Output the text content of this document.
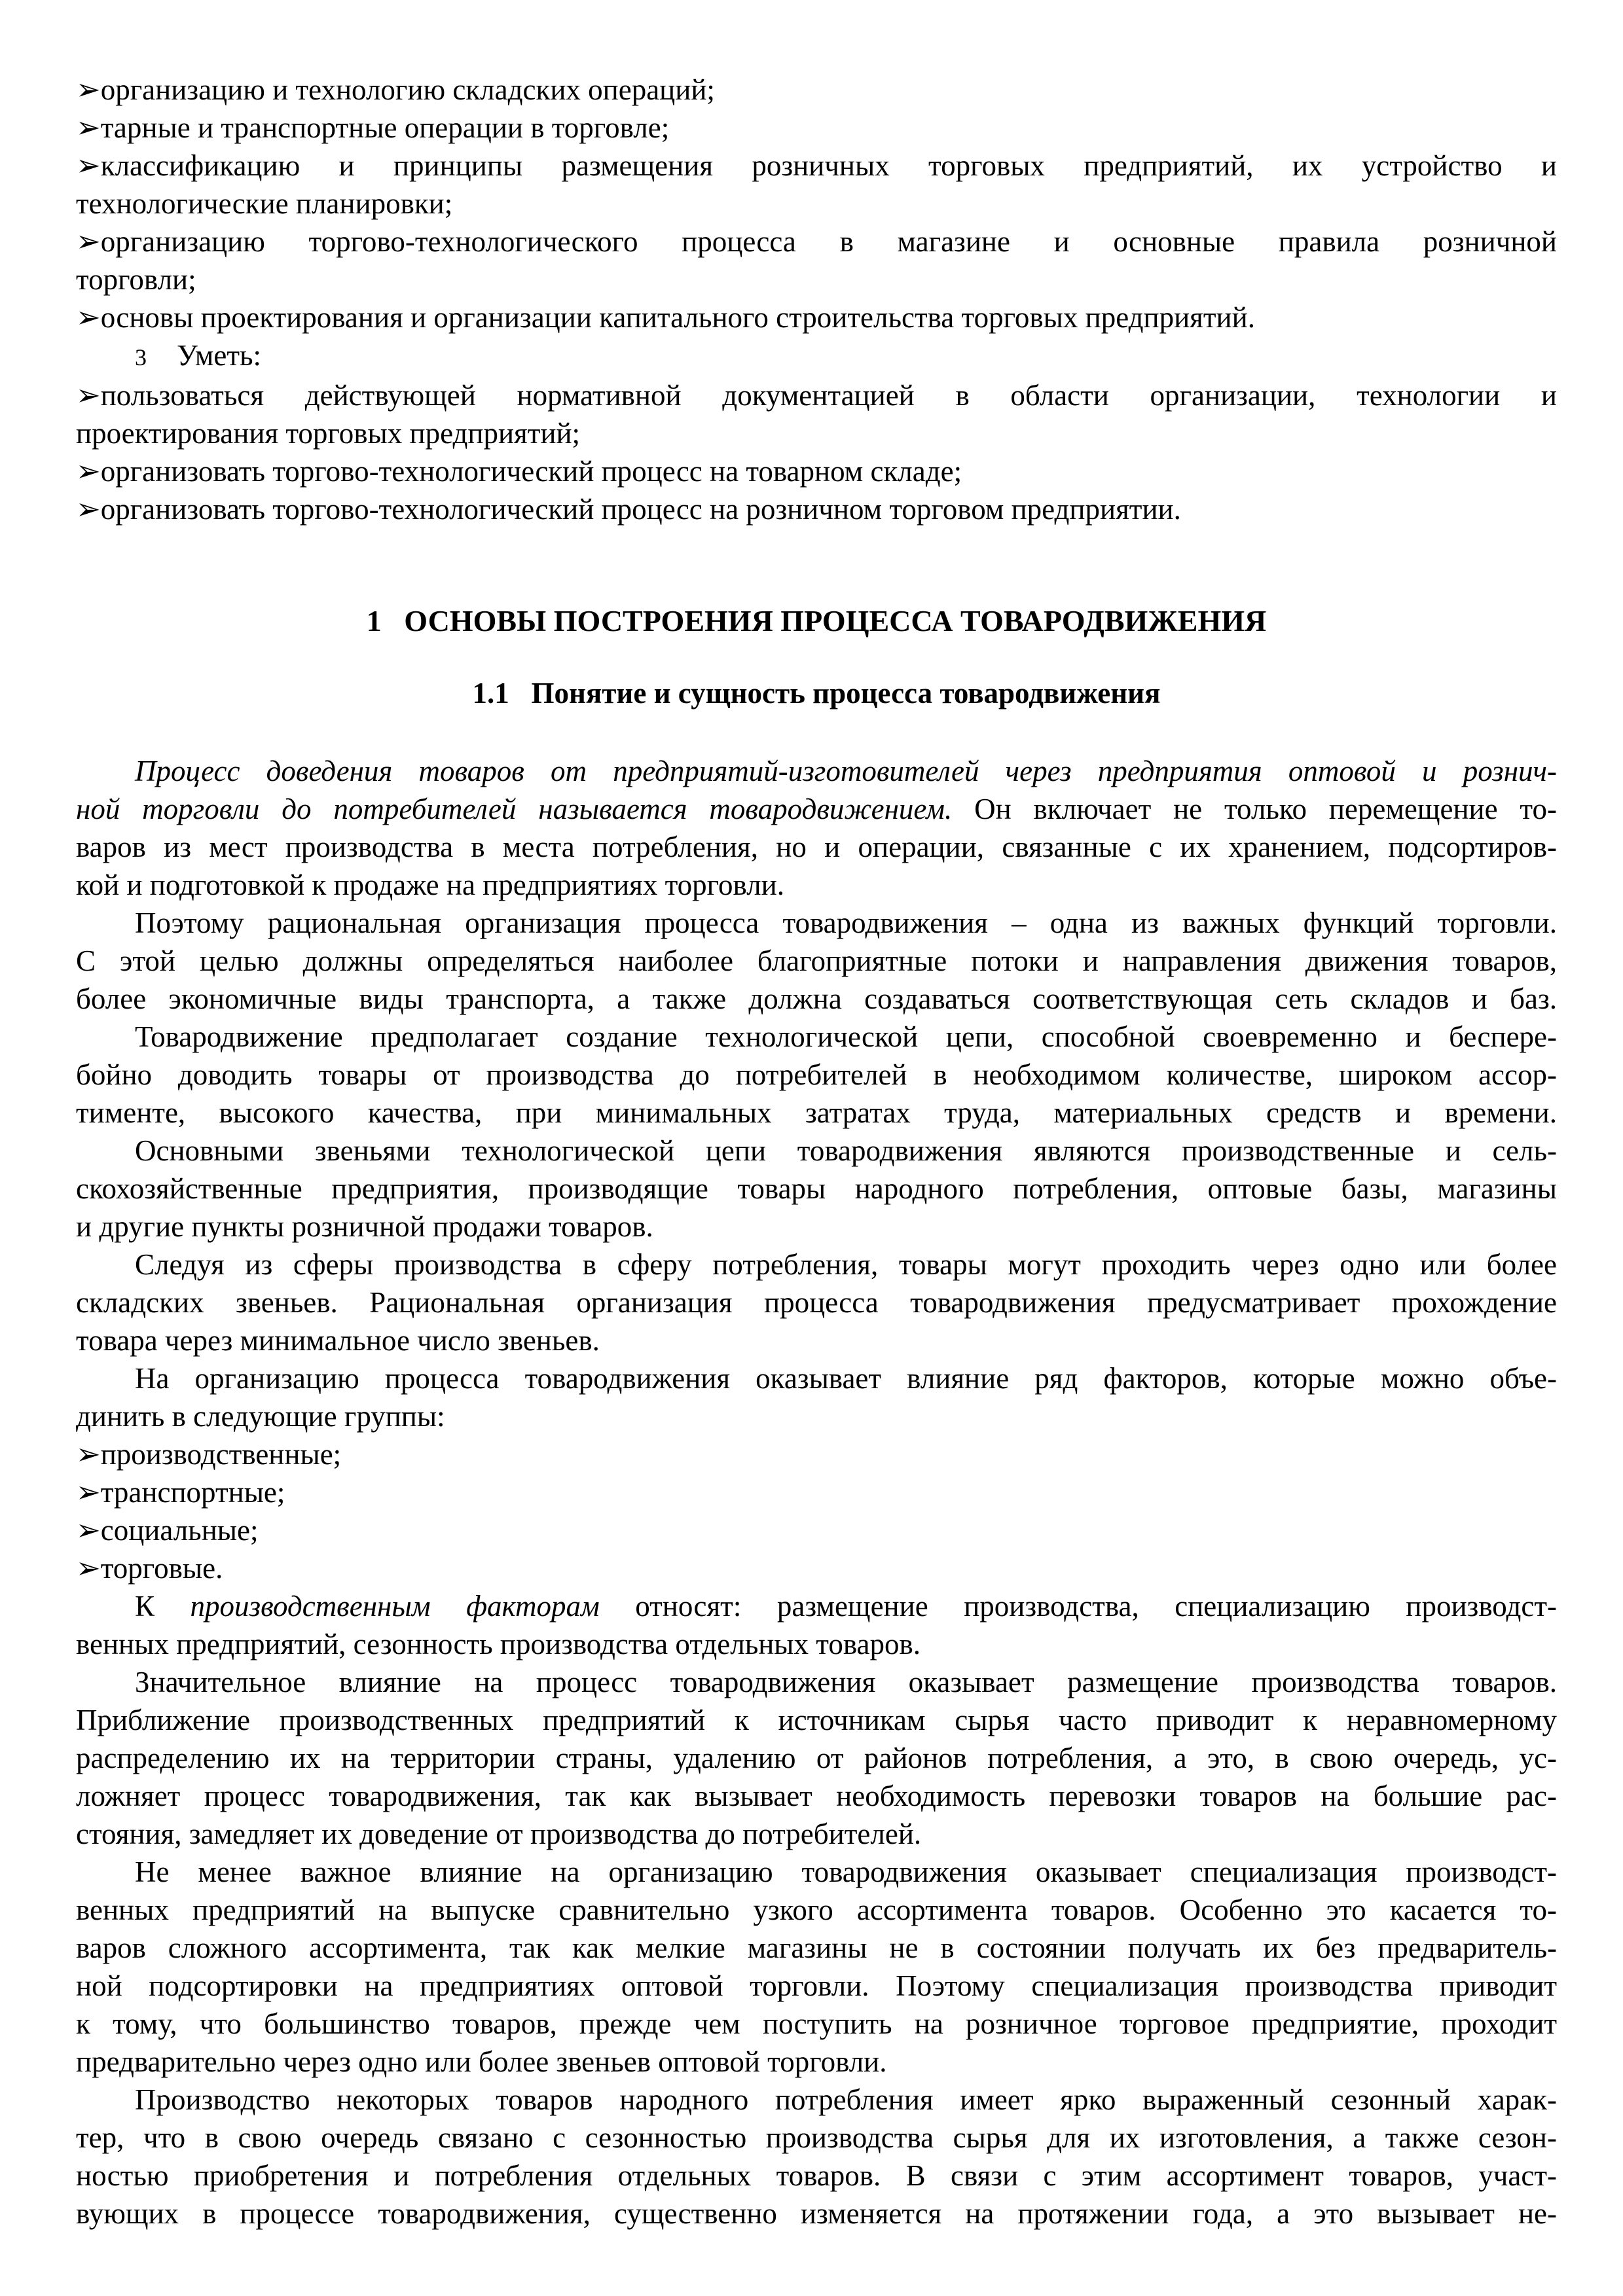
➢организацию и технологию складских операций;
➢тарные и транспортные операции в торговле;
➢классификацию и принципы размещения розничных торговых предприятий, их устройство и
технологические планировки;
➢организацию торгово-технологического процесса в магазине и основные правила розничной
торговли;
➢основы проектирования и организации капитального строительства торговых предприятий.
3 Уметь:
➢пользоваться действующей нормативной документацией в области организации, технологии и
проектирования торговых предприятий;
➢организовать торгово-технологический процесс на товарном складе;
➢организовать торгово-технологический процесс на розничном торговом предприятии.
1   ОСНОВЫ ПОСТРОЕНИЯ ПРОЦЕССА ТОВАРОДВИЖЕНИЯ
1.1   Понятие и сущность процесса товародвижения
Процесс доведения товаров от предприятий-изготовителей через предприятия оптовой и рознич-
ной торговли до потребителей называется товародвижением. Он включает не только перемещение то-
варов из мест производства в места потребления, но и операции, связанные с их хранением, подсортиров-
кой и подготовкой к продаже на предприятиях торговли.
Поэтому рациональная организация процесса товародвижения – одна из важных функций торговли.
С этой целью должны определяться наиболее благоприятные потоки и направления движения товаров,
более экономичные виды транспорта, а также должна создаваться соответствующая сеть складов и баз.
Товародвижение предполагает создание технологической цепи, способной своевременно и беспере-
бойно доводить товары от производства до потребителей в необходимом количестве, широком ассор-
тименте, высокого качества, при минимальных затратах труда, материальных средств и времени.
Основными звеньями технологической цепи товародвижения являются производственные и сель-
скохозяйственные предприятия, производящие товары народного потребления, оптовые базы, магазины
и другие пункты розничной продажи товаров.
Следуя из сферы производства в сферу потребления, товары могут проходить через одно или более
складских звеньев. Рациональная организация процесса товародвижения предусматривает прохождение
товара через минимальное число звеньев.
На организацию процесса товародвижения оказывает влияние ряд факторов, которые можно объе-
динить в следующие группы:
➢производственные;
➢транспортные;
➢социальные;
➢торговые.
К производственным факторам относят: размещение производства, специализацию производст-
венных предприятий, сезонность производства отдельных товаров.
Значительное влияние на процесс товародвижения оказывает размещение производства товаров.
Приближение производственных предприятий к источникам сырья часто приводит к неравномерному
распределению их на территории страны, удалению от районов потребления, а это, в свою очередь, ус-
ложняет процесс товародвижения, так как вызывает необходимость перевозки товаров на большие рас-
стояния, замедляет их доведение от производства до потребителей.
Не менее важное влияние на организацию товародвижения оказывает специализация производст-
венных предприятий на выпуске сравнительно узкого ассортимента товаров. Особенно это касается то-
варов сложного ассортимента, так как мелкие магазины не в состоянии получать их без предваритель-
ной подсортировки на предприятиях оптовой торговли. Поэтому специализация производства приводит
к тому, что большинство товаров, прежде чем поступить на розничное торговое предприятие, проходит
предварительно через одно или более звеньев оптовой торговли.
Производство некоторых товаров народного потребления имеет ярко выраженный сезонный харак-
тер, что в свою очередь связано с сезонностью производства сырья для их изготовления, а также сезон-
ностью приобретения и потребления отдельных товаров. В связи с этим ассортимент товаров, участ-
вующих в процессе товародвижения, существенно изменяется на протяжении года, а это вызывает не-
